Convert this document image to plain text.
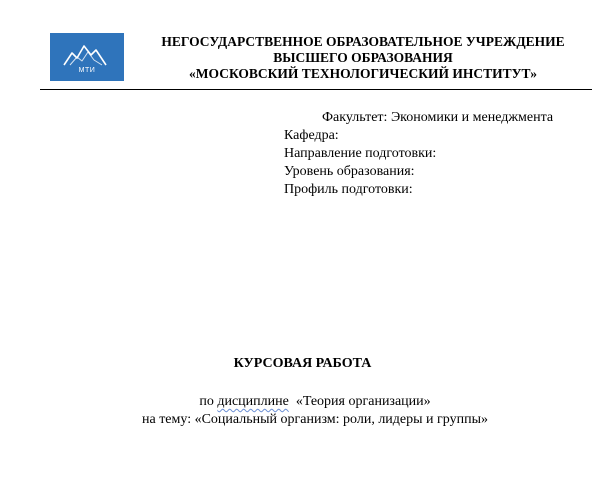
МТИ
НЕГОСУДАРСТВЕННОЕ ОБРАЗОВАТЕЛЬНОЕ УЧРЕЖДЕНИЕ
ВЫСШЕГО ОБРАЗОВАНИЯ
«МОСКОВСКИЙ ТЕХНОЛОГИЧЕСКИЙ ИНСТИТУТ»
Факультет: Экономики и менеджмента
Кафедра:
Направление подготовки:
Уровень образования:
Профиль подготовки:
КУРСОВАЯ РАБОТА
по дисциплине  «Теория организации»
на тему: «Социальный организм: роли, лидеры и группы»
